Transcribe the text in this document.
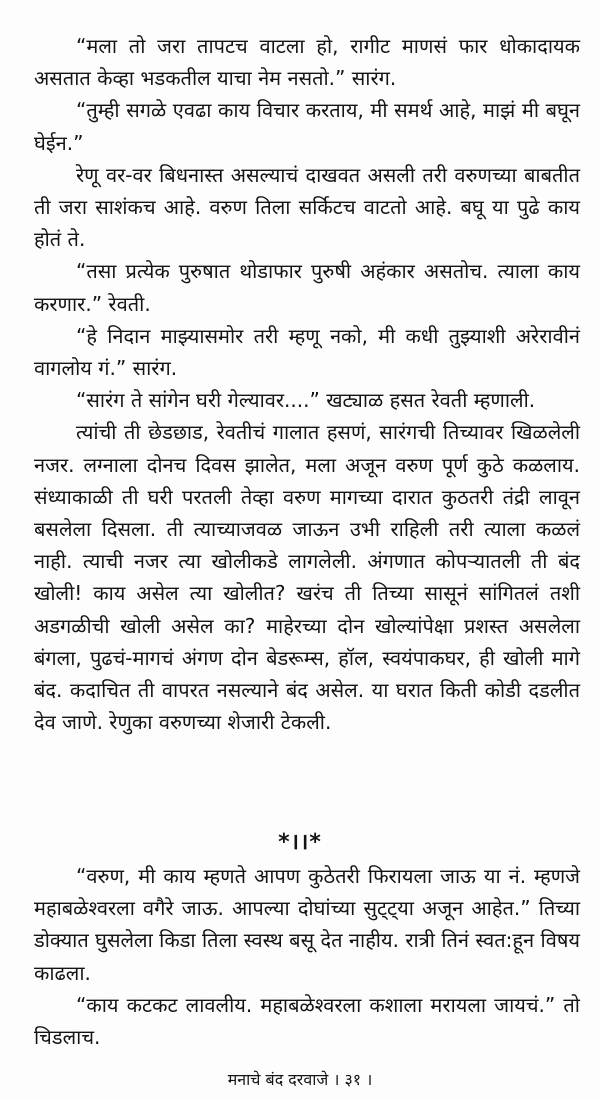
“मला तो जरा तापटच वाटला हो, रागीट माणसं फार धोकादायक असतात केव्हा भडकतील याचा नेम नसतो.” सारंग.

“तुम्ही सगळे एवढा काय विचार करताय, मी समर्थ आहे, माझं मी बघून घेईन.”

रेणू वर-वर बिधनास्त असल्याचं दाखवत असली तरी वरुणच्या बाबतीत ती जरा साशंकच आहे. वरुण तिला सर्किटच वाटतो आहे. बघू या पुढे काय होतं ते.

“तसा प्रत्येक पुरुषात थोडाफार पुरुषी अहंकार असतोच. त्याला काय करणार.” रेवती.

“हे निदान माझ्यासमोर तरी म्हणू नको, मी कधी तुझ्याशी अरेरावीनं वागलोय गं.” सारंग.

“सारंग ते सांगेन घरी गेल्यावर....” खट्याळ हसत रेवती म्हणाली.

त्यांची ती छेडछाड, रेवतीचं गालात हसणं, सारंगची तिच्यावर खिळलेली नजर. लग्नाला दोनच दिवस झालेत, मला अजून वरुण पूर्ण कुठे कळलाय. संध्याकाळी ती घरी परतली तेव्हा वरुण मागच्या दारात कुठतरी तंद्री लावून बसलेला दिसला. ती त्याच्याजवळ जाऊन उभी राहिली तरी त्याला कळलं नाही. त्याची नजर त्या खोलीकडे लागलेली. अंगणात कोपऱ्यातली ती बंद खोली! काय असेल त्या खोलीत? खरंच ती तिच्या सासूनं सांगितलं तशी अडगळीची खोली असेल का? माहेरच्या दोन खोल्यांपेक्षा प्रशस्त असलेला बंगला, पुढचं-मागचं अंगण दोन बेडरूम्स, हॉल, स्वयंपाकघर, ही खोली मागे बंद. कदाचित ती वापरत नसल्याने बंद असेल. या घरात किती कोडी दडलीत देव जाणे. रेणुका वरुणच्या शेजारी टेकली.

*।।*

“वरुण, मी काय म्हणते आपण कुठेतरी फिरायला जाऊ या नं. म्हणजे महाबळेश्वरला वगैरे जाऊ. आपल्या दोघांच्या सुट्ट्या अजून आहेत.” तिच्या डोक्यात घुसलेला किडा तिला स्वस्थ बसू देत नाहीय. रात्री तिनं स्वत:हून विषय काढला.

“काय कटकट लावलीय. महाबळेश्वरला कशाला मरायला जायचं.” तो चिडलाच.

मनाचे बंद दरवाजे । ३१ ।
